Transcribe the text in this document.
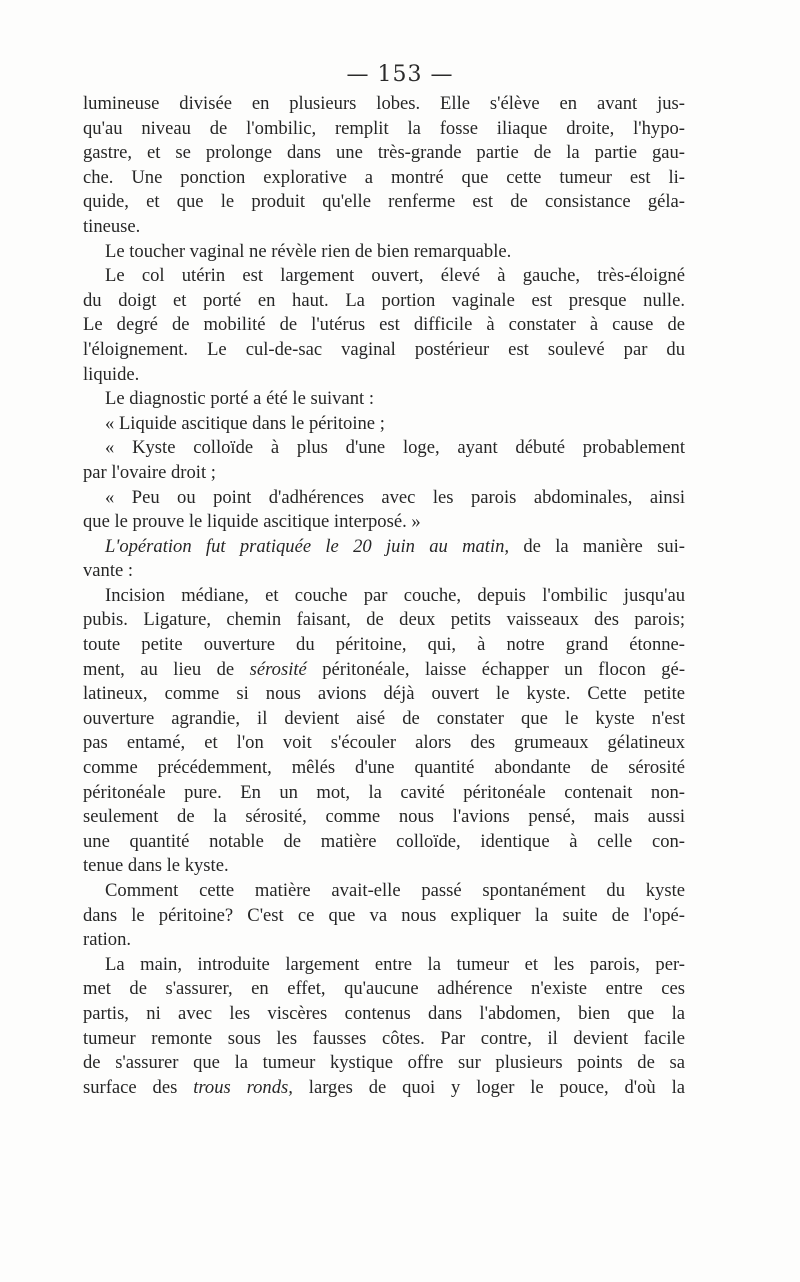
— 153 —
lumineuse divisée en plusieurs lobes. Elle s'élève en avant jus-
qu'au niveau de l'ombilic, remplit la fosse iliaque droite, l'hypo-
gastre, et se prolonge dans une très-grande partie de la partie gau-
che. Une ponction explorative a montré que cette tumeur est li-
quide, et que le produit qu'elle renferme est de consistance géla-
tineuse.
Le toucher vaginal ne révèle rien de bien remarquable.
Le col utérin est largement ouvert, élevé à gauche, très-éloigné
du doigt et porté en haut. La portion vaginale est presque nulle.
Le degré de mobilité de l'utérus est difficile à constater à cause de
l'éloignement. Le cul-de-sac vaginal postérieur est soulevé par du
liquide.
Le diagnostic porté a été le suivant :
« Liquide ascitique dans le péritoine ;
« Kyste colloïde à plus d'une loge, ayant débuté probablement
par l'ovaire droit ;
« Peu ou point d'adhérences avec les parois abdominales, ainsi
que le prouve le liquide ascitique interposé. »
L'opération fut pratiquée le 20 juin au matin, de la manière sui-
vante :
Incision médiane, et couche par couche, depuis l'ombilic jusqu'au
pubis. Ligature, chemin faisant, de deux petits vaisseaux des parois;
toute petite ouverture du péritoine, qui, à notre grand étonne-
ment, au lieu de sérosité péritonéale, laisse échapper un flocon gé-
latineux, comme si nous avions déjà ouvert le kyste. Cette petite
ouverture agrandie, il devient aisé de constater que le kyste n'est
pas entamé, et l'on voit s'écouler alors des grumeaux gélatineux
comme précédemment, mêlés d'une quantité abondante de sérosité
péritonéale pure. En un mot, la cavité péritonéale contenait non-
seulement de la sérosité, comme nous l'avions pensé, mais aussi
une quantité notable de matière colloïde, identique à celle con-
tenue dans le kyste.
Comment cette matière avait-elle passé spontanément du kyste
dans le péritoine? C'est ce que va nous expliquer la suite de l'opé-
ration.
La main, introduite largement entre la tumeur et les parois, per-
met de s'assurer, en effet, qu'aucune adhérence n'existe entre ces
partis, ni avec les viscères contenus dans l'abdomen, bien que la
tumeur remonte sous les fausses côtes. Par contre, il devient facile
de s'assurer que la tumeur kystique offre sur plusieurs points de sa
surface des trous ronds, larges de quoi y loger le pouce, d'où la
